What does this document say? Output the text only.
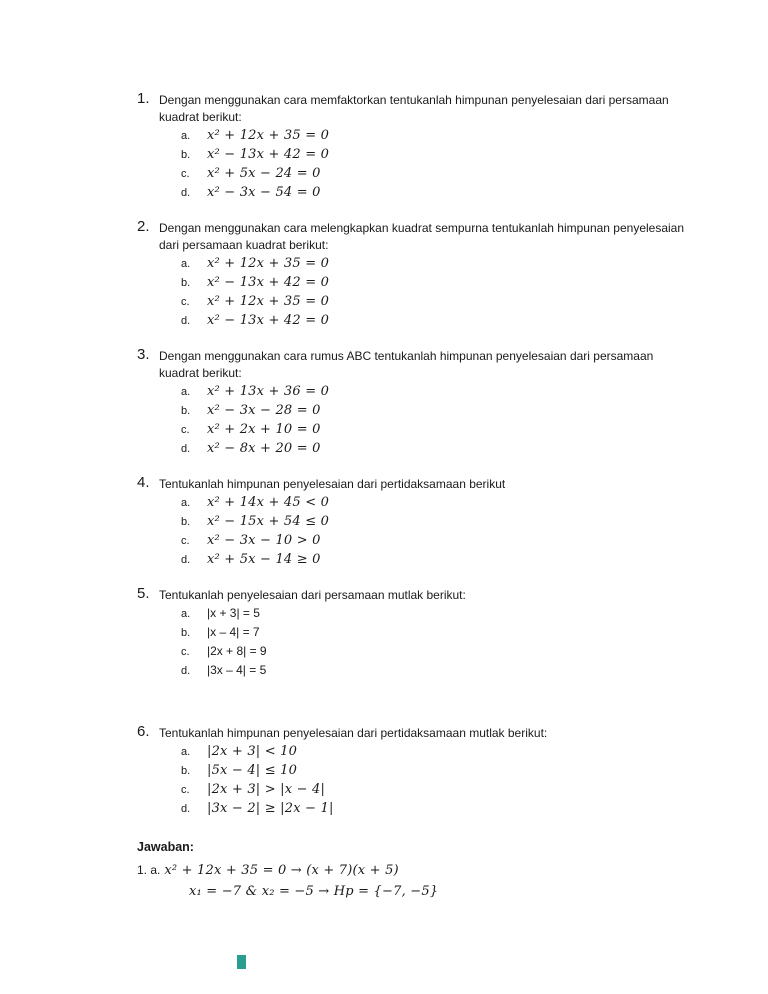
1. Dengan menggunakan cara memfaktorkan tentukanlah himpunan penyelesaian dari persamaan kuadrat berikut:
a.	x² + 12x + 35 = 0
b.	x² − 13x + 42 = 0
c.	x² + 5x − 24 = 0
d.	x² − 3x − 54 = 0
2. Dengan menggunakan cara melengkapkan kuadrat sempurna tentukanlah himpunan penyelesaian dari persamaan kuadrat berikut:
a.	x² + 12x + 35 = 0
b.	x² − 13x + 42 = 0
c.	x² + 12x + 35 = 0
d.	x² − 13x + 42 = 0
3. Dengan menggunakan cara rumus ABC tentukanlah himpunan penyelesaian dari persamaan kuadrat berikut:
a.	x² + 13x + 36 = 0
b.	x² − 3x − 28 = 0
c.	x² + 2x + 10 = 0
d.	x² − 8x + 20 = 0
4. Tentukanlah himpunan penyelesaian dari pertidaksamaan berikut
a.	x² + 14x + 45 < 0
b.	x² − 15x + 54 ≤ 0
c.	x² − 3x − 10 > 0
d.	x² + 5x − 14 ≥ 0
5. Tentukanlah penyelesaian dari persamaan mutlak berikut:
a.	|x + 3| = 5
b.	|x – 4| = 7
c.	|2x + 8| = 9
d.	|3x – 4| = 5
6. Tentukanlah himpunan penyelesaian dari pertidaksamaan mutlak berikut:
a.	|2x + 3| < 10
b.	|5x − 4| ≤ 10
c.	|2x + 3| > |x − 4|
d.	|3x − 2| ≥ |2x − 1|
Jawaban:
1. a. x² + 12x + 35 = 0 → (x + 7)(x + 5)
x₁ = −7 & x₂ = −5 → Hp = {−7, −5}
